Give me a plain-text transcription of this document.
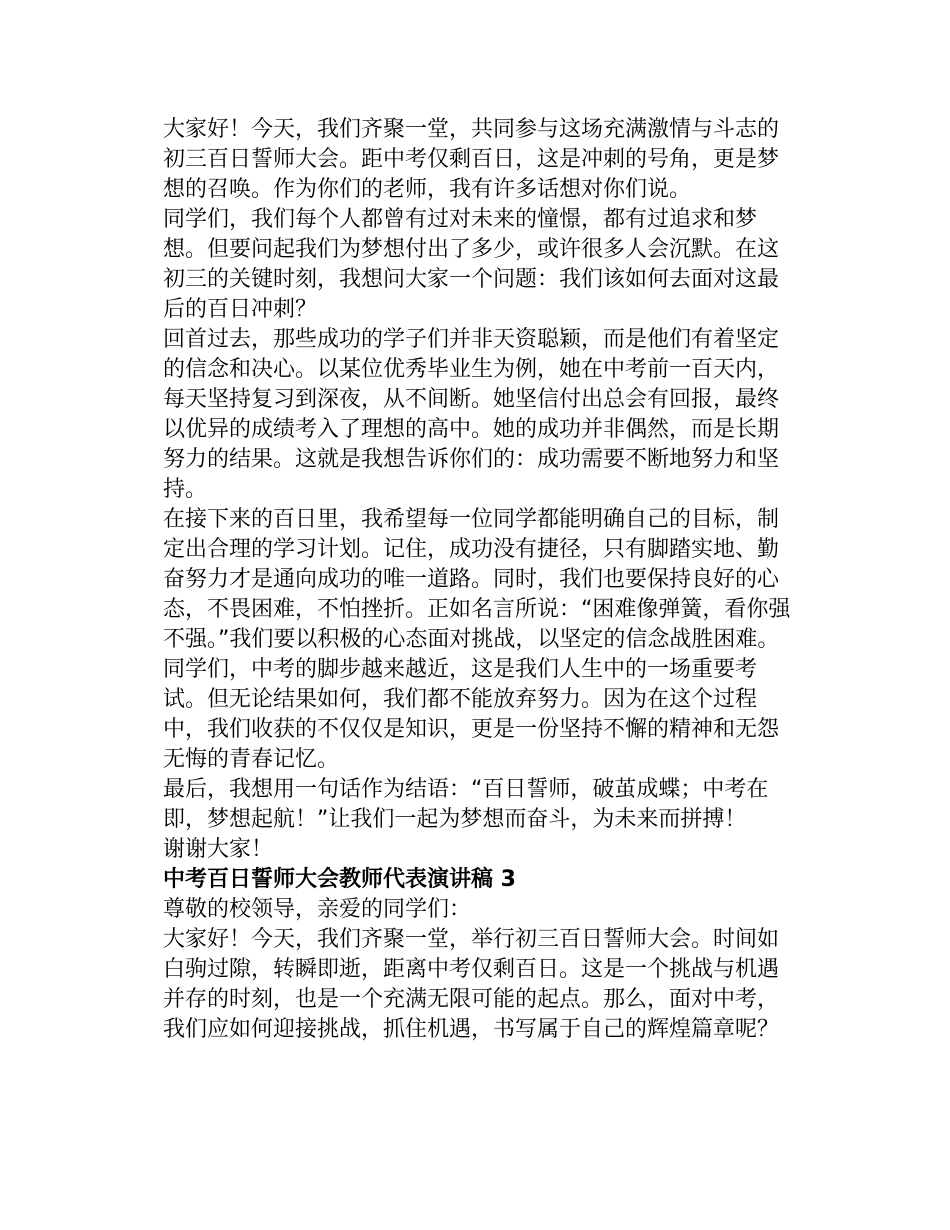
大家好！今天，我们齐聚一堂，共同参与这场充满激情与斗志的初三百日誓师大会。距中考仅剩百日，这是冲刺的号角，更是梦想的召唤。作为你们的老师，我有许多话想对你们说。

同学们，我们每个人都曾有过对未来的憧憬，都有过追求和梦想。但要问起我们为梦想付出了多少，或许很多人会沉默。在这初三的关键时刻，我想问大家一个问题：我们该如何去面对这最后的百日冲刺？

回首过去，那些成功的学子们并非天资聪颖，而是他们有着坚定的信念和决心。以某位优秀毕业生为例，她在中考前一百天内，每天坚持复习到深夜，从不间断。她坚信付出总会有回报，最终以优异的成绩考入了理想的高中。她的成功并非偶然，而是长期努力的结果。这就是我想告诉你们的：成功需要不断地努力和坚持。

在接下来的百日里，我希望每一位同学都能明确自己的目标，制定出合理的学习计划。记住，成功没有捷径，只有脚踏实地、勤奋努力才是通向成功的唯一道路。同时，我们也要保持良好的心态，不畏困难，不怕挫折。正如名言所说：“困难像弹簧，看你强不强。”我们要以积极的心态面对挑战，以坚定的信念战胜困难。

同学们，中考的脚步越来越近，这是我们人生中的一场重要考试。但无论结果如何，我们都不能放弃努力。因为在这个过程中，我们收获的不仅仅是知识，更是一份坚持不懈的精神和无怨无悔的青春记忆。

最后，我想用一句话作为结语：“百日誓师，破茧成蝶；中考在即，梦想起航！”让我们一起为梦想而奋斗，为未来而拼搏！

谢谢大家！

中考百日誓师大会教师代表演讲稿 3

尊敬的校领导，亲爱的同学们：

大家好！今天，我们齐聚一堂，举行初三百日誓师大会。时间如白驹过隙，转瞬即逝，距离中考仅剩百日。这是一个挑战与机遇并存的时刻，也是一个充满无限可能的起点。那么，面对中考，我们应如何迎接挑战，抓住机遇，书写属于自己的辉煌篇章呢？
